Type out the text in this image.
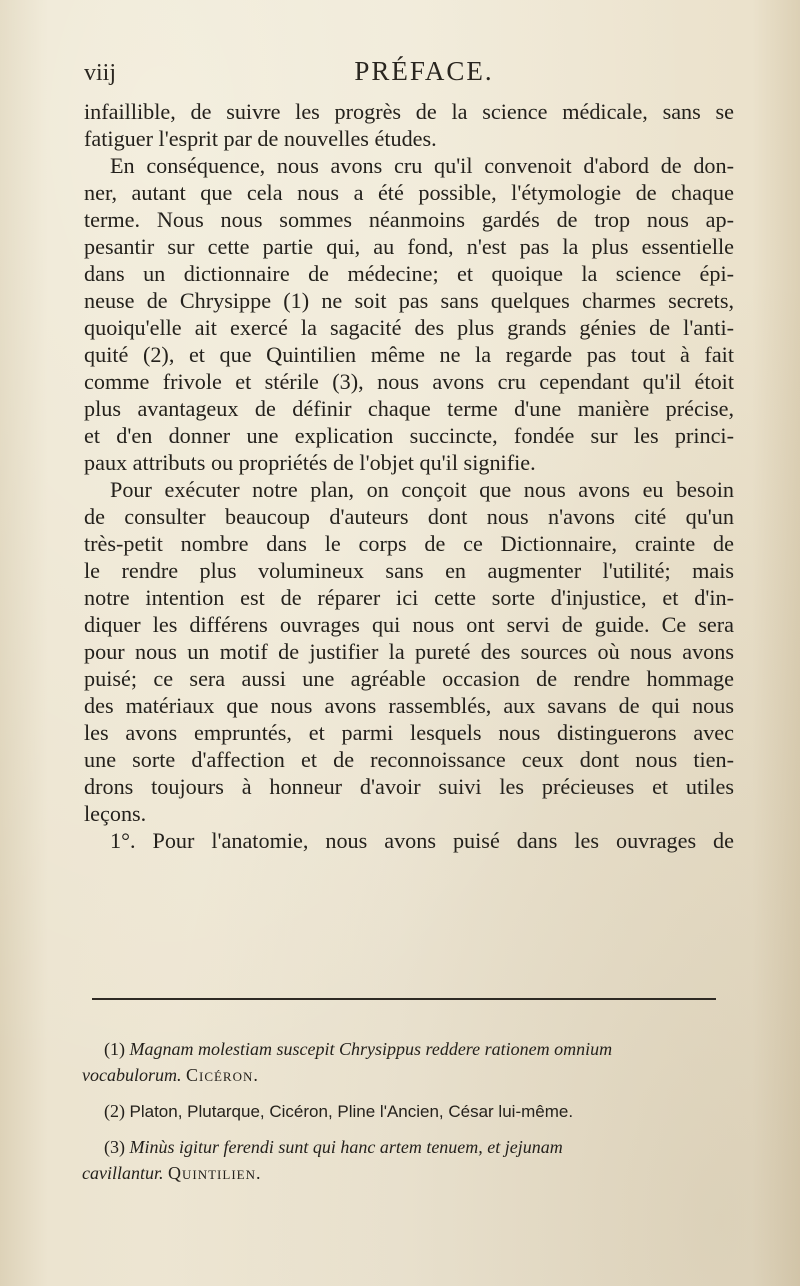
viij	PRÉFACE.
infaillible, de suivre les progrès de la science médicale, sans se
fatiguer l'esprit par de nouvelles études.
En conséquence, nous avons cru qu'il convenoit d'abord de don-
ner, autant que cela nous a été possible, l'étymologie de chaque
terme. Nous nous sommes néanmoins gardés de trop nous ap-
pesantir sur cette partie qui, au fond, n'est pas la plus essentielle
dans un dictionnaire de médecine; et quoique la science épi-
neuse de Chrysippe (1) ne soit pas sans quelques charmes secrets,
quoiqu'elle ait exercé la sagacité des plus grands génies de l'anti-
quité (2), et que Quintilien même ne la regarde pas tout à fait
comme frivole et stérile (3), nous avons cru cependant qu'il étoit
plus avantageux de définir chaque terme d'une manière précise,
et d'en donner une explication succincte, fondée sur les princi-
paux attributs ou propriétés de l'objet qu'il signifie.
Pour exécuter notre plan, on conçoit que nous avons eu besoin
de consulter beaucoup d'auteurs dont nous n'avons cité qu'un
très-petit nombre dans le corps de ce Dictionnaire, crainte de
le rendre plus volumineux sans en augmenter l'utilité; mais
notre intention est de réparer ici cette sorte d'injustice, et d'in-
diquer les différens ouvrages qui nous ont servi de guide. Ce sera
pour nous un motif de justifier la pureté des sources où nous avons
puisé; ce sera aussi une agréable occasion de rendre hommage
des matériaux que nous avons rassemblés, aux savans de qui nous
les avons empruntés, et parmi lesquels nous distinguerons avec
une sorte d'affection et de reconnoissance ceux dont nous tien-
drons toujours à honneur d'avoir suivi les précieuses et utiles
leçons.
1°. Pour l'anatomie, nous avons puisé dans les ouvrages de
(1) Magnam molestiam suscepit Chrysippus reddere rationem omnium
vocabulorum. Cicéron.
(2) Platon, Plutarque, Cicéron, Pline l'Ancien, César lui-même.
(3) Minùs igitur ferendi sunt qui hanc artem tenuem, et jejunam
cavillantur. Quintilien.
